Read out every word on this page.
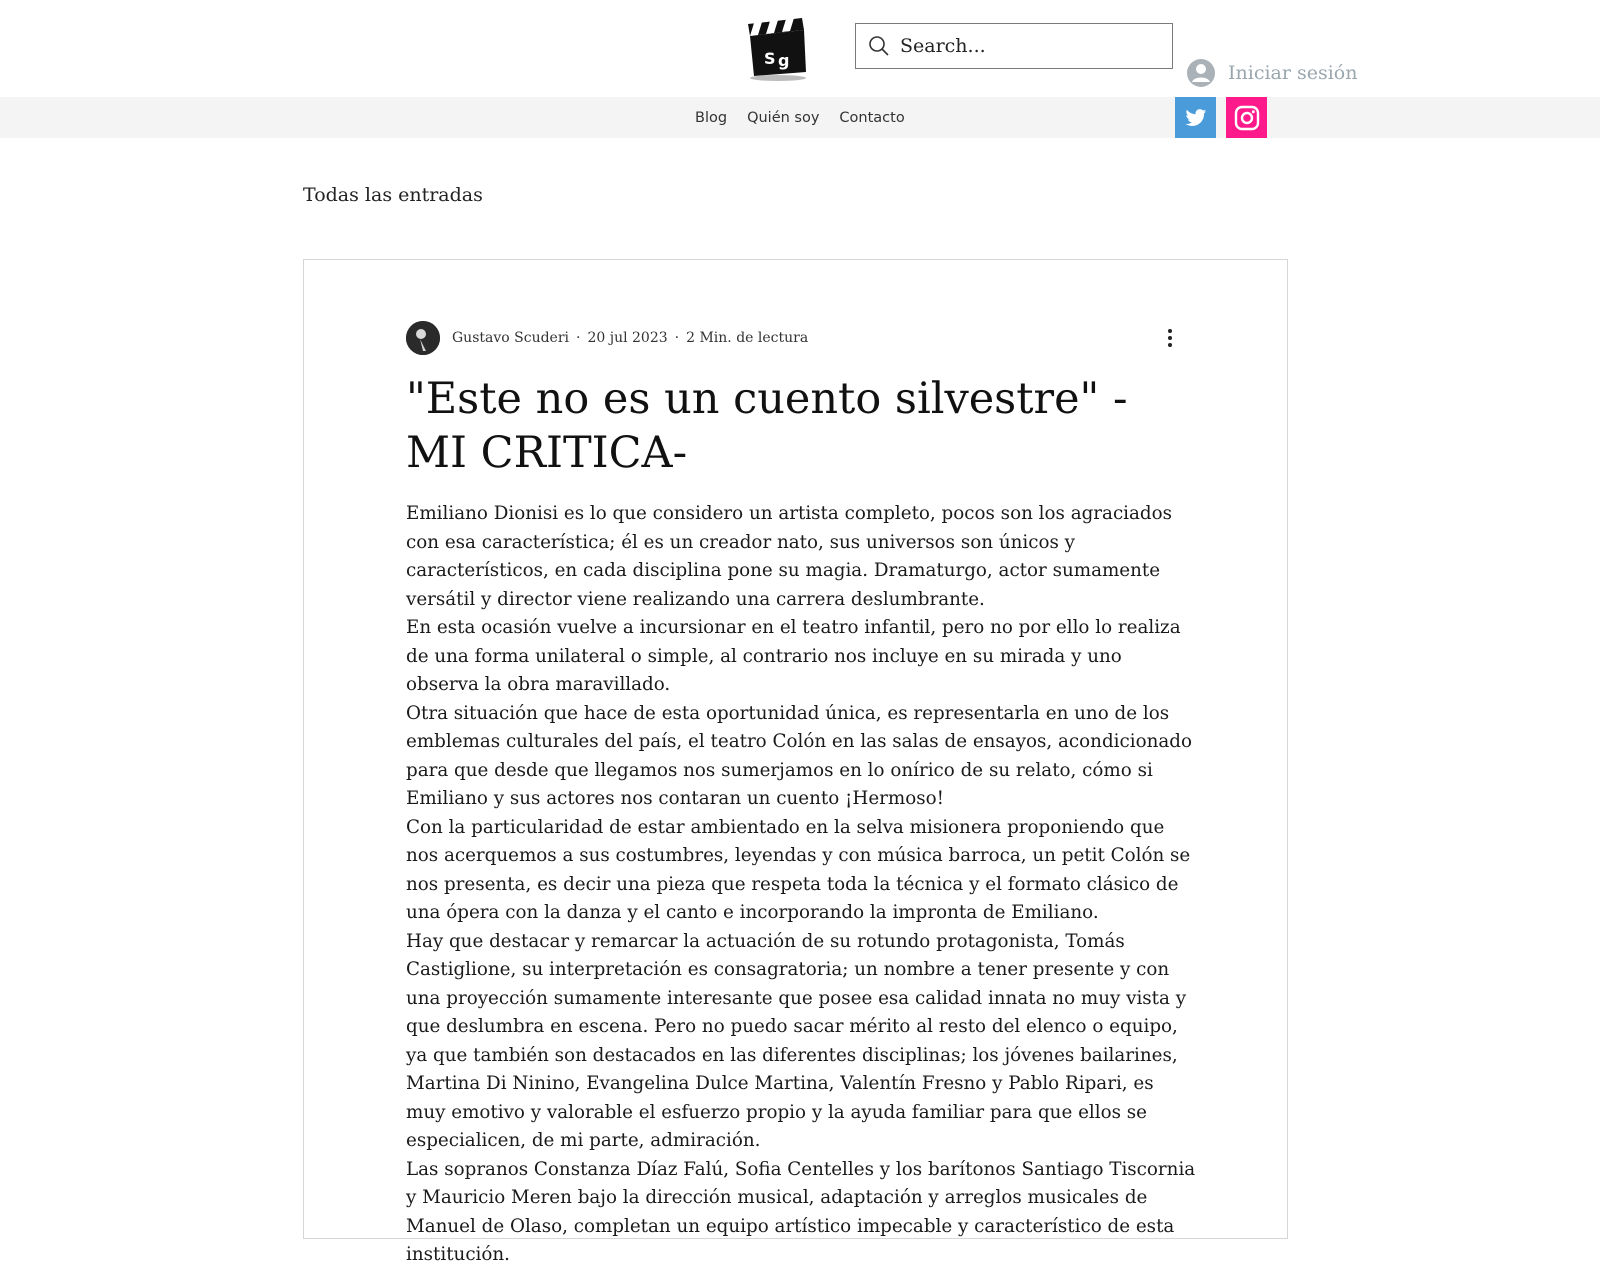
S g
Search...
Iniciar sesión
Blog Quién soy Contacto
Todas las entradas
Gustavo Scuderi · 20 jul 2023 · 2 Min. de lectura
"Este no es un cuento silvestre" -MI CRITICA-

Emiliano Dionisi es lo que considero un artista completo, pocos son los agraciados con esa característica; él es un creador nato, sus universos son únicos y característicos, en cada disciplina pone su magia. Dramaturgo, actor sumamente versátil y director viene realizando una carrera deslumbrante.

En esta ocasión vuelve a incursionar en el teatro infantil, pero no por ello lo realiza de una forma unilateral o simple, al contrario nos incluye en su mirada y uno observa la obra maravillado.

Otra situación que hace de esta oportunidad única, es representarla en uno de los emblemas culturales del país, el teatro Colón en las salas de ensayos, acondicionado para que desde que llegamos nos sumerjamos en lo onírico de su relato, cómo si Emiliano y sus actores nos contaran un cuento ¡Hermoso!

Con la particularidad de estar ambientado en la selva misionera proponiendo que nos acerquemos a sus costumbres, leyendas y con música barroca, un petit Colón se nos presenta, es decir una pieza que respeta toda la técnica y el formato clásico de una ópera con la danza y el canto e incorporando la impronta de Emiliano.

Hay que destacar y remarcar la actuación de su rotundo protagonista, Tomás Castiglione, su interpretación es consagratoria; un nombre a tener presente y con una proyección sumamente interesante que posee esa calidad innata no muy vista y que deslumbra en escena. Pero no puedo sacar mérito al resto del elenco o equipo, ya que también son destacados en las diferentes disciplinas; los jóvenes bailarines, Martina Di Ninino, Evangelina Dulce Martina, Valentín Fresno y Pablo Ripari, es muy emotivo y valorable el esfuerzo propio y la ayuda familiar para que ellos se especialicen, de mi parte, admiración.

Las sopranos Constanza Díaz Falú, Sofia Centelles y los barítonos Santiago Tiscornia y Mauricio Meren bajo la dirección musical, adaptación y arreglos musicales de Manuel de Olaso, completan un equipo artístico impecable y característico de esta institución.
